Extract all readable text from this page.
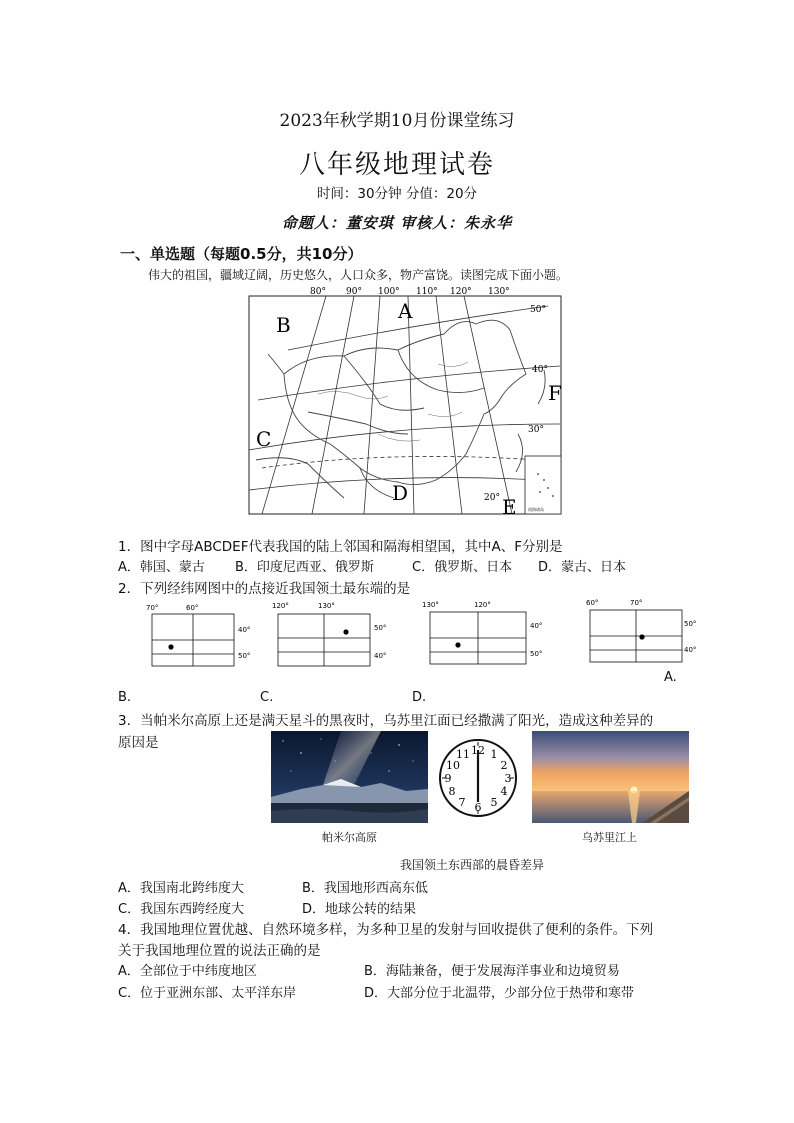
2023年秋学期10月份课堂练习
八年级地理试卷
时间：30分钟 分值：20分
命题人：董安琪 审核人：朱永华
一、单选题（每题0.5分，共10分）
伟大的祖国，疆域辽阔，历史悠久，人口众多，物产富饶。读图完成下面小题。
南海诸岛
80° 90° 100° 110° 120° 130°
50°
40°
30°
20°
A
B
C
D
E
F
1．图中字母ABCDEF代表我国的陆上邻国和隔海相望国，其中A、F分别是
A．韩国、蒙古 B．印度尼西亚、俄罗斯	C．俄罗斯、日本 D．蒙古、日本
2．下列经纬网图中的点接近我国领土最东端的是
70°	60°
40°
50°
120°	130°
50°
40°
130°	120°
40°
50°
60°	70°
50°
40°
A.
B.	C.	D.
3．当帕米尔高原上还是满天星斗的黑夜时，乌苏里江面已经撒满了阳光，造成这种差异的
原因是	12 1
2
3
4
5
6
7
8
9
10
11
帕米尔高原	乌苏里江上
我国领土东西部的晨昏差异
A．我国南北跨纬度大	B．我国地形西高东低
C．我国东西跨经度大	D．地球公转的结果
4．我国地理位置优越、自然环境多样，为多种卫星的发射与回收提供了便利的条件。下列
关于我国地理位置的说法正确的是
A．全部位于中纬度地区	B．海陆兼备，便于发展海洋事业和边境贸易
C．位于亚洲东部、太平洋东岸	D．大部分位于北温带，少部分位于热带和寒带
